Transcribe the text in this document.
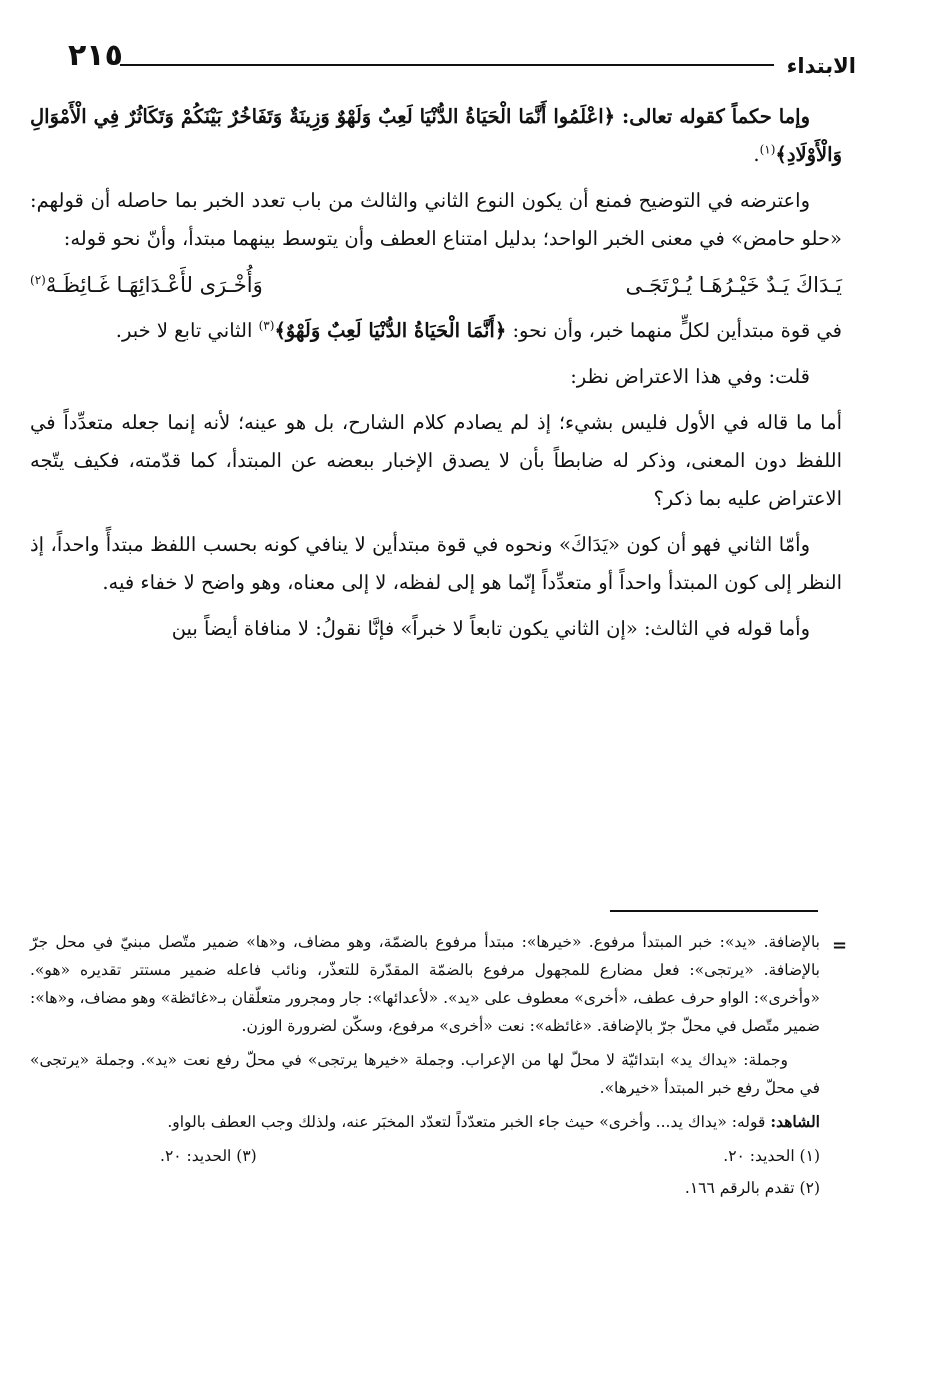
٢١٥	الابتداء

وإما حكماً كقوله تعالى: ﴿اعْلَمُوا أَنَّمَا الْحَيَاةُ الدُّنْيَا لَعِبٌ وَلَهْوٌ وَزِينَةٌ وَتَفَاخُرٌ بَيْنَكُمْ وَتَكَاثُرٌ فِي الْأَمْوَالِ وَالْأَوْلَادِ﴾$^{(١)}$.

واعترضه في التوضيح فمنع أن يكون النوع الثاني والثالث من باب تعدد الخبر بما حاصله أن قولهم: «حلو حامض» في معنى الخبر الواحد؛ بدليل امتناع العطف وأن يتوسط بينهما مبتدأ، وأنّ نحو قوله:

يَـدَاكَ يَـدٌ خَيْـرُهَـا يُـرْتَجَـى
وَأُخْـرَى لأَعْـدَائِهَـا غَـائِظَـهْ$^{(٢)}$

في قوة مبتدأين لكلٍّ منهما خبر، وأن نحو: ﴿أَنَّمَا الْحَيَاةُ الدُّنْيَا لَعِبٌ وَلَهْوٌ﴾$^{(٣)}$ الثاني تابع لا خبر.

قلت: وفي هذا الاعتراض نظر:

أما ما قاله في الأول فليس بشيء؛ إذ لم يصادم كلام الشارح، بل هو عينه؛ لأنه إنما جعله متعدِّداً في اللفظ دون المعنى، وذكر له ضابطاً بأن لا يصدق الإخبار ببعضه عن المبتدأ، كما قدّمته، فكيف يتّجه الاعتراض عليه بما ذكر؟

وأمّا الثاني فهو أن كون «يَدَاكَ» ونحوه في قوة مبتدأين لا ينافي كونه بحسب اللفظ مبتدأً واحداً، إذ النظر إلى كون المبتدأ واحداً أو متعدِّداً إنّما هو إلى لفظه، لا إلى معناه، وهو واضح لا خفاء فيه.

وأما قوله في الثالث: «إن الثاني يكون تابعاً لا خبراً» فإنَّا نقولُ: لا منافاة أيضاً بين

=

بالإضافة. «يد»: خبر المبتدأ مرفوع. «خيرها»: مبتدأ مرفوع بالضمّة، وهو مضاف، و«ها» ضمير متّصل مبنيّ في محل جرّ بالإضافة. «يرتجى»: فعل مضارع للمجهول مرفوع بالضمّة المقدّرة للتعذّر، ونائب فاعله ضمير مستتر تقديره «هو». «وأخرى»: الواو حرف عطف، «أخرى» معطوف على «يد». «لأعدائها»: جار ومجرور متعلّقان بـ«غائظة» وهو مضاف، و«ها»: ضمير متّصل في محلّ جرّ بالإضافة. «غائظه»: نعت «أخرى» مرفوع، وسكّن لضرورة الوزن.

وجملة: «يداك يد» ابتدائيّة لا محلّ لها من الإعراب. وجملة «خيرها يرتجى» في محلّ رفع نعت «يد». وجملة «يرتجى» في محلّ رفع خبر المبتدأ «خيرها».

الشاهد: قوله: «يداك يد... وأخرى» حيث جاء الخبر متعدّداً لتعدّد المخبَر عنه، ولذلك وجب العطف بالواو.

(١) الحديد: ٢٠.
(٣) الحديد: ٢٠.
(٢) تقدم بالرقم ١٦٦.
